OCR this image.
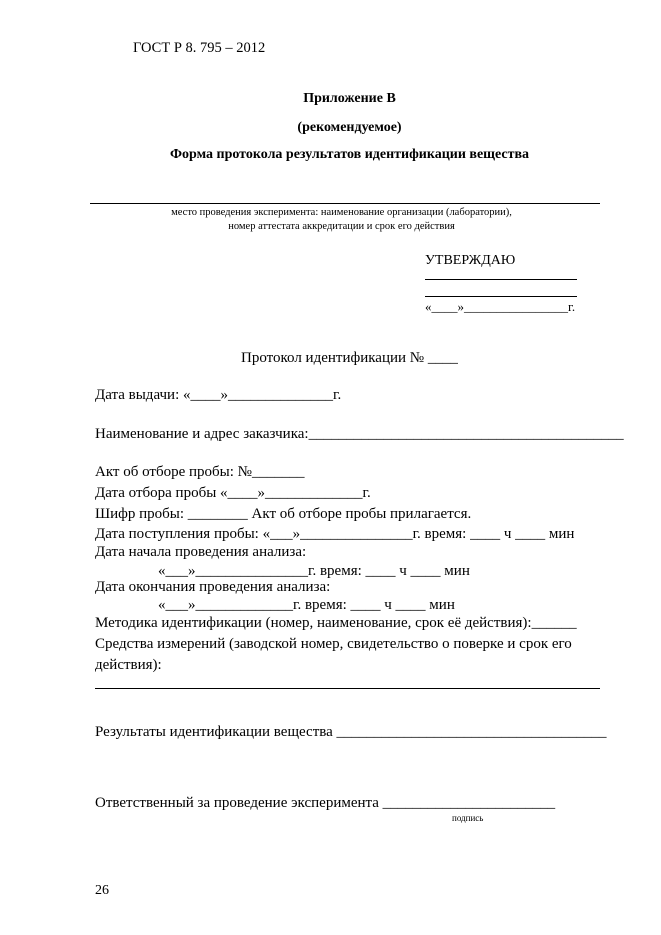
ГОСТ Р 8. 795 – 2012
Приложение В
(рекомендуемое)
Форма протокола результатов идентификации вещества
место проведения эксперимента: наименование организации (лаборатории),
номер аттестата аккредитации и срок его действия
УТВЕРЖДАЮ
«____»________________г.
Протокол идентификации № ____
Дата выдачи: «____»______________г.
Наименование и адрес заказчика:__________________________________________
Акт об отборе пробы: №_______
Дата отбора пробы «____»_____________г.
Шифр пробы: ________ Акт об отборе пробы прилагается.
Дата поступления пробы: «___»_______________г. время: ____ ч ____ мин
Дата начала проведения анализа:
«___»_______________г. время: ____ ч ____ мин
Дата окончания проведения анализа:
«___»_____________г. время: ____ ч ____ мин
Методика идентификации (номер, наименование, срок её действия):______
Средства измерений (заводской номер, свидетельство о поверке и срок его
действия):
Результаты идентификации вещества ____________________________________
Ответственный за проведение эксперимента _______________________
подпись
26
